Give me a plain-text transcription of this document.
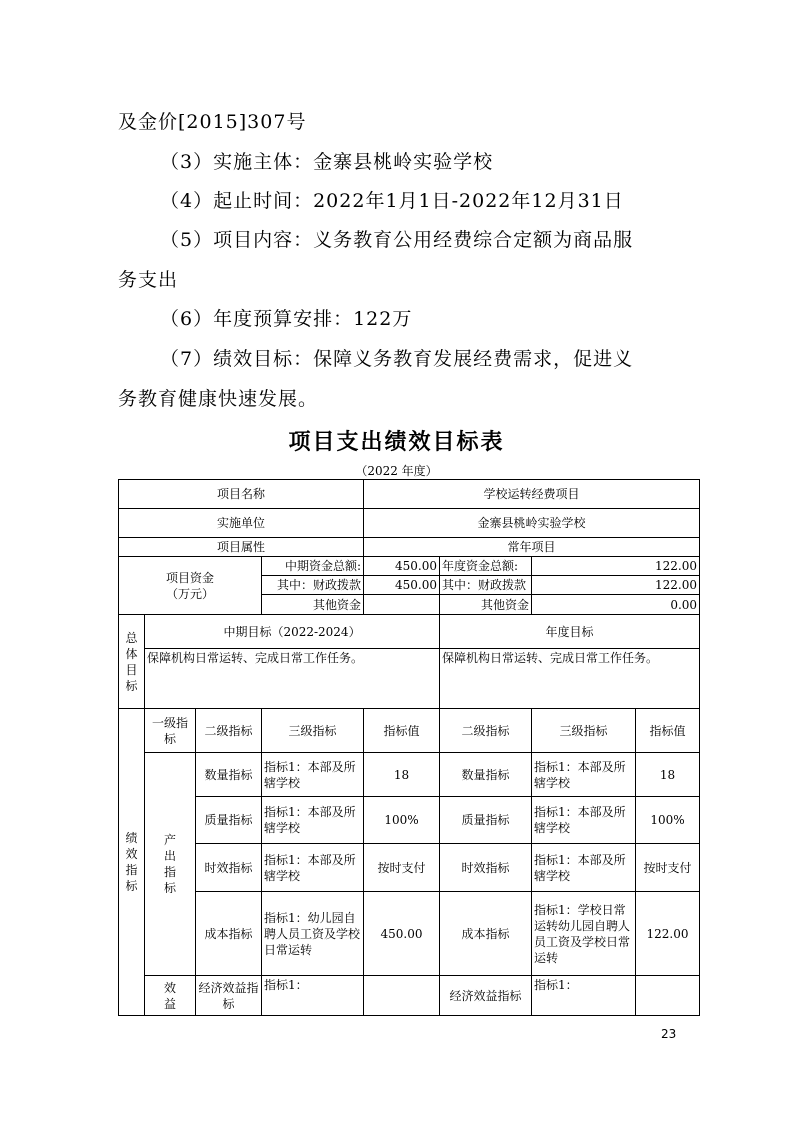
及金价[2015]307号
（3）实施主体：金寨县桃岭实验学校
（4）起止时间：2022年1月1日-2022年12月31日
（5）项目内容：义务教育公用经费综合定额为商品服
务支出
（6）年度预算安排：122万
（7）绩效目标：保障义务教育发展经费需求，促进义
务教育健康快速发展。
项目支出绩效目标表
（2022 年度）
项目名称				学校运转经费项目			
实施单位				金寨县桃岭实验学校			
项目属性				常年项目			

项目资金
（万元）			中期资金总额:	450.00	年度资金总额:	122.00	
			其中：财政拨款	450.00	其中：财政拨款	122.00	
			其他资金		其他资金	0.00	

总
体
目
标	中期目标（2022-2024）				年度目标		
	保障机构日常运转、完成日常工作任务。				保障机构日常运转、完成日常工作任务。		

绩
效
指
标	一级指标	二级指标	三级指标	指标值	二级指标	三级指标	指标值

	产
出
指
标	数量指标	指标1：本部及所辖学校	18	数量指标	指标1：本部及所辖学校	18
		质量指标	指标1：本部及所辖学校	100%	质量指标	指标1：本部及所辖学校	100%
		时效指标	指标1：本部及所辖学校	按时支付	时效指标	指标1：本部及所辖学校	按时支付
		成本指标	指标1：幼儿园自聘人员工资及学校日常运转	450.00	成本指标	指标1：学校日常运转幼儿园自聘人员工资及学校日常运转	122.00

	效
益	经济效益指标	指标1：		经济效益指标	指标1：	
23
